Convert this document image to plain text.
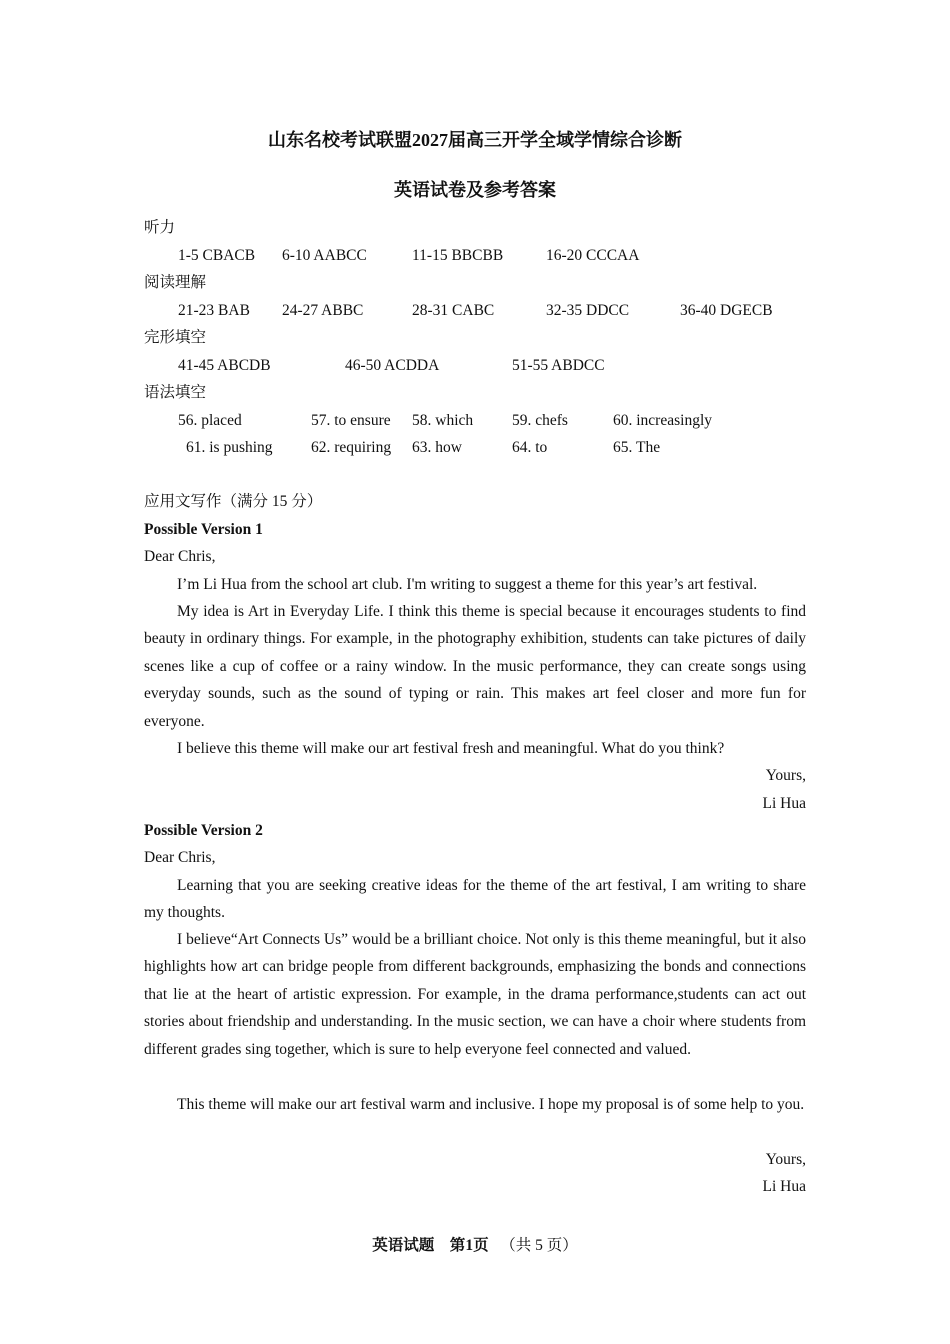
山东名校考试联盟2027届高三开学全域学情综合诊断
英语试卷及参考答案
听力
1-5 CBACB 6-10 AABCC	11-15 BBCBB	16-20 CCCAA
阅读理解
21-23 BAB 24-27 ABBC	28-31 CABC	32-35 DDCC	36-40 DGECB
完形填空
41-45 ABCDB	46-50 ACDDA	51-55 ABDCC
语法填空
56. placed	57. to ensure 58. which	59. chefs	60. increasingly
61. is pushing 62. requiring 63. how	64. to	65. The
应用文写作（满分 15 分）
Possible Version 1
Dear Chris,
I’m Li Hua from the school art club. I'm writing to suggest a theme for this year’s art festival.
My idea is Art in Everyday Life. I think this theme is special because it encourages students to find beauty in ordinary things. For example, in the photography exhibition, students can take pictures of daily scenes like a cup of coffee or a rainy window. In the music performance, they can create songs using everyday sounds, such as the sound of typing or rain. This makes art feel closer and more fun for everyone.
I believe this theme will make our art festival fresh and meaningful. What do you think?
Yours,
Li Hua
Possible Version 2
Dear Chris,
Learning that you are seeking creative ideas for the theme of the art festival, I am writing to share my thoughts.
I believe“Art Connects Us” would be a brilliant choice. Not only is this theme meaningful, but it also highlights how art can bridge people from different backgrounds, emphasizing the bonds and connections that lie at the heart of artistic expression. For example, in the drama performance,students can act out stories about friendship and understanding. In the music section, we can have a choir where students from different grades sing together, which is sure to help everyone feel connected and valued.
This theme will make our art festival warm and inclusive. I hope my proposal is of some help to you.
Yours,
Li Hua
英语试题 第1页 （共 5 页）
